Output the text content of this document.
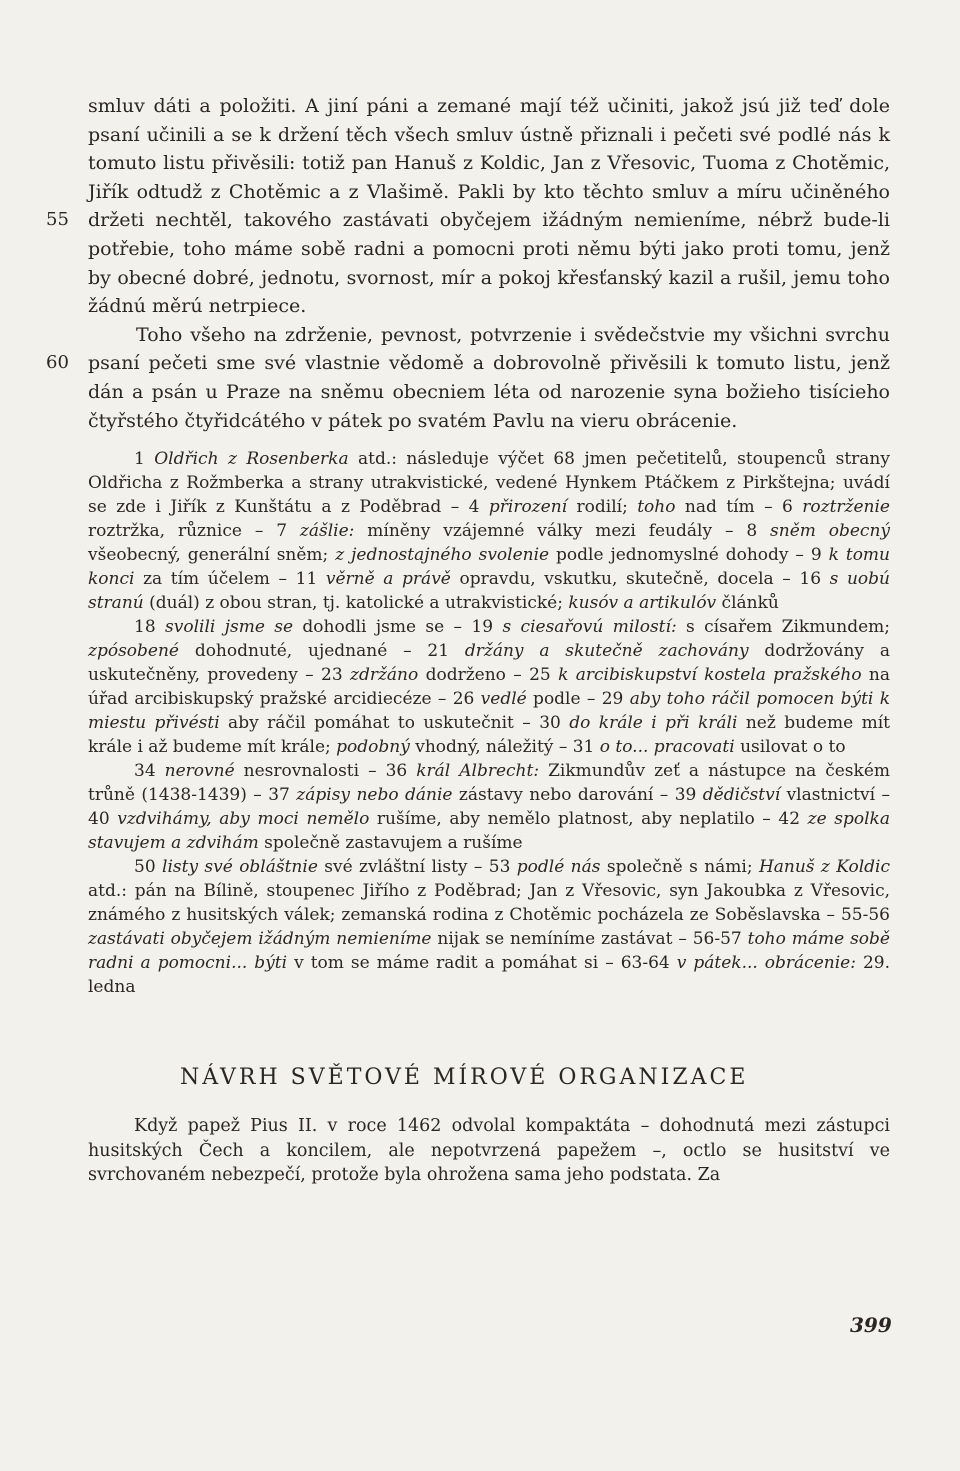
55
60

smluv dáti a položiti. A jiní páni a zemané mají též učiniti, jakož jsú již teď dole psaní učinili a se k držení těch všech smluv ústně přiznali i pečeti své podlé nás k tomuto listu přivěsili: totiž pan Hanuš z Koldic, Jan z Vřesovic, Tuoma z Chotěmic, Jiřík odtudž z Chotěmic a z Vlašimě. Pakli by kto těchto smluv a míru učiněného držeti nechtěl, takového zastávati obyčejem ižádným nemieníme, nébrž bude-li potřebie, toho máme sobě radni a pomocni proti němu býti jako proti tomu, jenž by obecné dobré, jednotu, svornost, mír a pokoj křesťanský kazil a rušil, jemu toho žádnú měrú netrpiece.

Toho všeho na zdrženie, pevnost, potvrzenie i svědečstvie my všichni svrchu psaní pečeti sme své vlastnie vědomě a dobrovolně přivěsili k tomuto listu, jenž dán a psán u Praze na sněmu obecniem léta od narozenie syna božieho tisícieho čtyřstého čtyřidcátého v pátek po svatém Pavlu na vieru obrácenie.

1 Oldřich z Rosenberka atd.: následuje výčet 68 jmen pečetitelů, stoupenců strany Oldřicha z Rožmberka a strany utrakvistické, vedené Hynkem Ptáčkem z Pirkštejna; uvádí se zde i Jiřík z Kunštátu a z Poděbrad – 4 přirození rodilí; toho nad tím – 6 roztrženie roztržka, různice – 7 zášlie: míněny vzájemné války mezi feudály – 8 sněm obecný všeobecný, generální sněm; z jednostajného svolenie podle jednomyslné dohody – 9 k tomu konci za tím účelem – 11 věrně a právě opravdu, vskutku, skutečně, docela – 16 s uobú stranú (duál) z obou stran, tj. katolické a utrakvistické; kusóv a artikulóv článků

18 svolili jsme se dohodli jsme se – 19 s ciesařovú milostí: s císařem Zikmundem; zpósobené dohodnuté, ujednané – 21 držány a skutečně zachovány dodržovány a uskutečněny, provedeny – 23 zdržáno dodrženo – 25 k arcibiskupství kostela pražského na úřad arcibiskupský pražské arcidiecéze – 26 vedlé podle – 29 aby toho ráčil pomocen býti k miestu přivésti aby ráčil pomáhat to uskutečnit – 30 do krále i při králi než budeme mít krále i až budeme mít krále; podobný vhodný, náležitý – 31 o to... pracovati usilovat o to

34 nerovné nesrovnalosti – 36 král Albrecht: Zikmundův zeť a nástupce na českém trůně (1438-1439) – 37 zápisy nebo dánie zástavy nebo darování – 39 dědičství vlastnictví – 40 vzdvihámy, aby moci nemělo rušíme, aby nemělo platnost, aby neplatilo – 42 ze spolka stavujem a zdvihám společně zastavujem a rušíme

50 listy své obláštnie své zvláštní listy – 53 podlé nás společně s námi; Hanuš z Koldic atd.: pán na Bílině, stoupenec Jiřího z Poděbrad; Jan z Vřesovic, syn Jakoubka z Vřesovic, známého z husitských válek; zemanská rodina z Chotěmic pocházela ze Soběslavska – 55-56 zastávati obyčejem ižádným nemieníme nijak se nemíníme zastávat – 56-57 toho máme sobě radni a pomocni... býti v tom se máme radit a pomáhat si – 63-64 v pátek... obrácenie: 29. ledna

NÁVRH SVĚTOVÉ MÍROVÉ ORGANIZACE

Když papež Pius II. v roce 1462 odvolal kompaktáta – dohodnutá mezi zástupci husitských Čech a koncilem, ale nepotvrzená papežem –, octlo se husitství ve svrchovaném nebezpečí, protože byla ohrožena sama jeho podstata. Za

399
